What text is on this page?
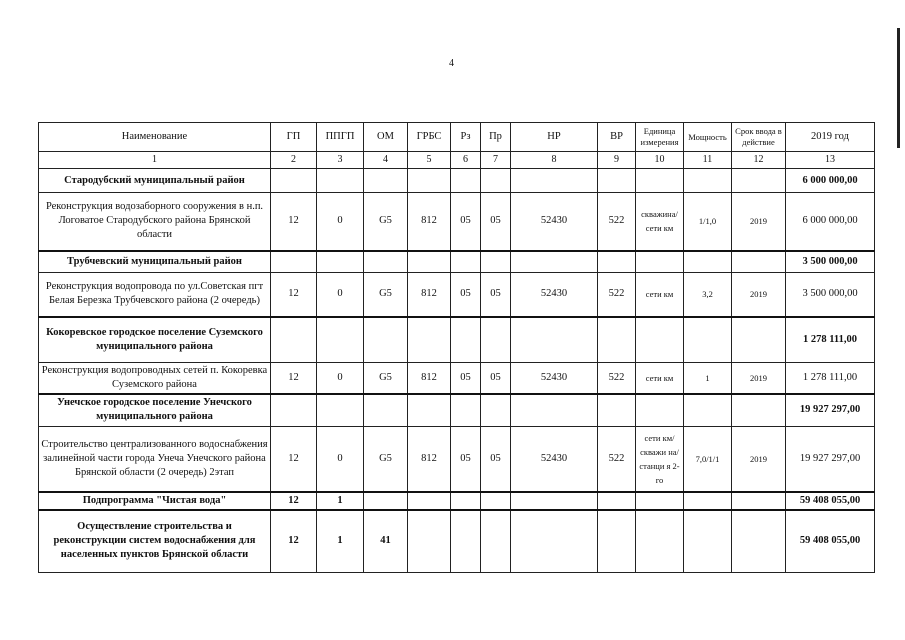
4
Наименование	ГП	ППГП	ОМ	ГРБС	Рз	Пр	НР	ВР	Единица измерения	Мощность	Срок ввода в действие	2019 год
1	2	3	4	5	6	7	8	9	10	11	12	13
Стародубский муниципальный район												6 000 000,00
Реконструкция водозаборного сооружения в н.п. Логоватое Стародубского района Брянской области	12	0	G5	812	05	05	52430	522	скважина/ сети км	1/1,0	2019	6 000 000,00
Трубчевский муниципальный район												3 500 000,00
Реконструкция водопровода по ул.Советская пгт Белая Березка Трубчевского района (2 очередь)	12	0	G5	812	05	05	52430	522	сети км	3,2	2019	3 500 000,00
Кокоревское городское поселение Суземского муниципального района												1 278 111,00
Реконструкция водопроводных сетей п. Кокоревка Суземского района	12	0	G5	812	05	05	52430	522	сети км	1	2019	1 278 111,00
Унечское городское поселение Унечского муниципального района												19 927 297,00
Строительство централизованного водоснабжения залинейной части города Унеча Унечского района Брянской области (2 очередь) 2этап	12	0	G5	812	05	05	52430	522	сети км/скважи на/станци я 2-го	7,0/1/1	2019	19 927 297,00
Подпрограмма "Чистая вода"	12	1										59 408 055,00
Осуществление строительства и реконструкции систем водоснабжения для населенных пунктов Брянской области	12	1	41									59 408 055,00
